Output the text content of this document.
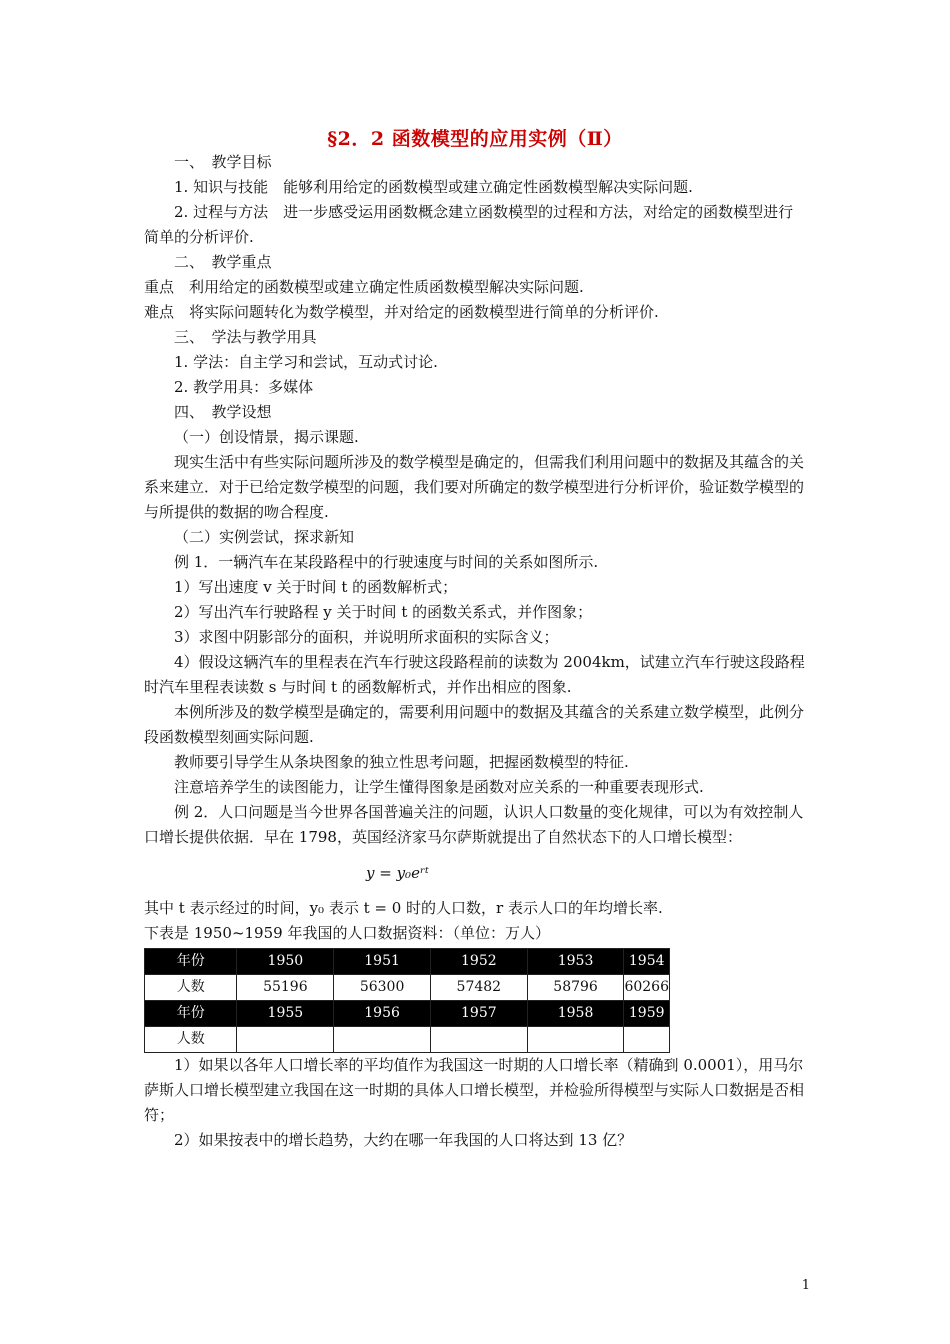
§2．2 函数模型的应用实例（Ⅱ）

一、　教学目标

1. 知识与技能　能够利用给定的函数模型或建立确定性函数模型解决实际问题.

2. 过程与方法　进一步感受运用函数概念建立函数模型的过程和方法，对给定的函数模型进行简单的分析评价.

二、　教学重点

重点　利用给定的函数模型或建立确定性质函数模型解决实际问题.

难点　将实际问题转化为数学模型，并对给定的函数模型进行简单的分析评价.

三、　学法与教学用具

1. 学法：自主学习和尝试，互动式讨论.

2. 教学用具：多媒体

四、　教学设想

（一）创设情景，揭示课题.

现实生活中有些实际问题所涉及的数学模型是确定的，但需我们利用问题中的数据及其蕴含的关系来建立．对于已给定数学模型的问题，我们要对所确定的数学模型进行分析评价，验证数学模型的与所提供的数据的吻合程度.

（二）实例尝试，探求新知

例 1．一辆汽车在某段路程中的行驶速度与时间的关系如图所示.

1）写出速度 v 关于时间 t 的函数解析式；

2）写出汽车行驶路程 y 关于时间 t 的函数关系式，并作图象；

3）求图中阴影部分的面积，并说明所求面积的实际含义；

4）假设这辆汽车的里程表在汽车行驶这段路程前的读数为 2004km，试建立汽车行驶这段路程时汽车里程表读数 s 与时间 t 的函数解析式，并作出相应的图象.

本例所涉及的数学模型是确定的，需要利用问题中的数据及其蕴含的关系建立数学模型，此例分段函数模型刻画实际问题.

教师要引导学生从条块图象的独立性思考问题，把握函数模型的特征.

注意培养学生的读图能力，让学生懂得图象是函数对应关系的一种重要表现形式.

例 2．人口问题是当今世界各国普遍关注的问题，认识人口数量的变化规律，可以为有效控制人口增长提供依据．早在 1798，英国经济家马尔萨斯就提出了自然状态下的人口增长模型：

y = y₀eʳᵗ

其中 t 表示经过的时间，y₀ 表示 t = 0 时的人口数，r 表示人口的年均增长率.

下表是 1950~1959 年我国的人口数据资料：（单位：万人）

年份	1950	1951	1952	1953	1954
人数	55196	56300	57482	58796	60266
年份	1955	1956	1957	1958	1959
人数					

1）如果以各年人口增长率的平均值作为我国这一时期的人口增长率（精确到 0.0001），用马尔萨斯人口增长模型建立我国在这一时期的具体人口增长模型，并检验所得模型与实际人口数据是否相符；

2）如果按表中的增长趋势，大约在哪一年我国的人口将达到 13 亿？

1
